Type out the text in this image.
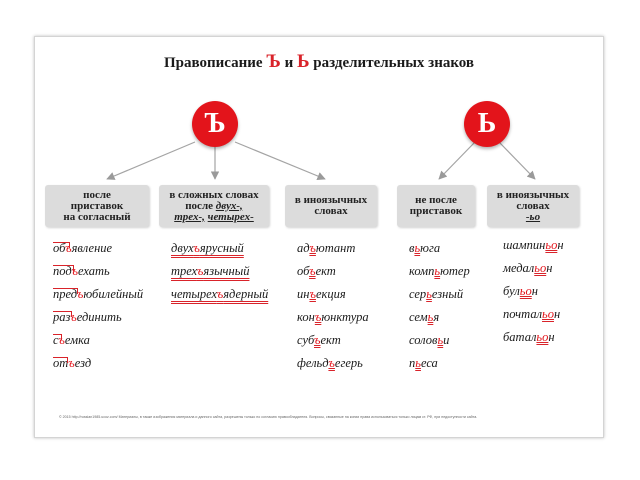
Правописание Ъ и Ь разделительных знаков
Ъ	Ь
после
приставок
на согласный
в сложных словах
после двух-,
трех-, четырех-
в иноязычных
словах
не после
приставок
в иноязычных
словах
-ьо
объявление
подъехать
предъюбилейный
разъединить
съемка
отъезд
двухъярусный
трехъязычный
четырехъядерный
адъютант
объект
инъекция
конъюнктура
субъект
фельдъегерь
вьюга
компьютер
серьезный
семья
соловьи
пьеса
шампиньон
медальон
бульон
почтальон
батальон
© 2015 http://russian1985.ucoz.com/ Материалы, в также изображения материала и данного сайта, разрешены только по согласию правообладателя. Вопросы, связанные на копии права использоваться только лицам ст. РФ, при недоступности сайта.
